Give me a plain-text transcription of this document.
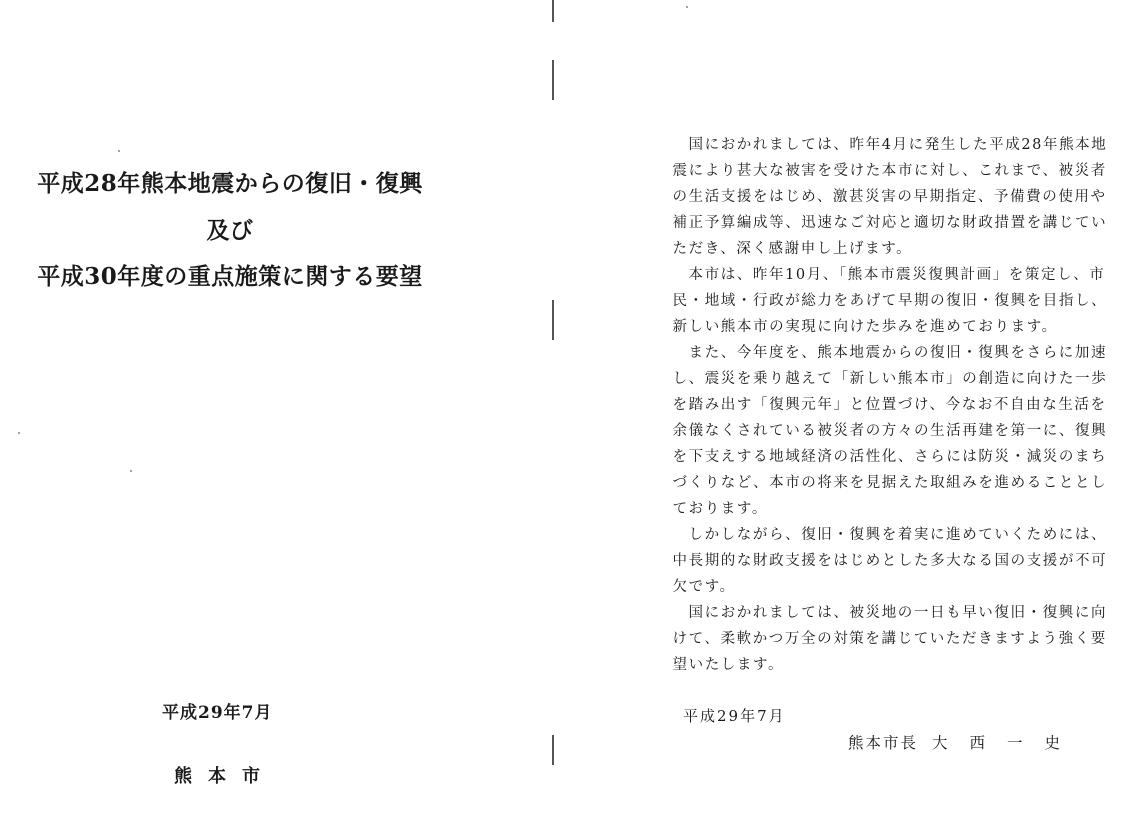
平成28年熊本地震からの復旧・復興
及び
平成30年度の重点施策に関する要望
平成29年7月
熊本市
国におかれましては、昨年4月に発生した平成28年熊本地
震により甚大な被害を受けた本市に対し、これまで、被災者
の生活支援をはじめ、激甚災害の早期指定、予備費の使用や
補正予算編成等、迅速なご対応と適切な財政措置を講じてい
ただき、深く感謝申し上げます。
本市は、昨年10月、「熊本市震災復興計画」を策定し、市
民・地域・行政が総力をあげて早期の復旧・復興を目指し、
新しい熊本市の実現に向けた歩みを進めております。
また、今年度を、熊本地震からの復旧・復興をさらに加速
し、震災を乗り越えて「新しい熊本市」の創造に向けた一歩
を踏み出す「復興元年」と位置づけ、今なお不自由な生活を
余儀なくされている被災者の方々の生活再建を第一に、復興
を下支えする地域経済の活性化、さらには防災・減災のまち
づくりなど、本市の将来を見据えた取組みを進めることとし
ております。
しかしながら、復旧・復興を着実に進めていくためには、
中長期的な財政支援をはじめとした多大なる国の支援が不可
欠です。
国におかれましては、被災地の一日も早い復旧・復興に向
けて、柔軟かつ万全の対策を講じていただきますよう強く要
望いたします。
平成29年7月
熊本市長 大西一史
